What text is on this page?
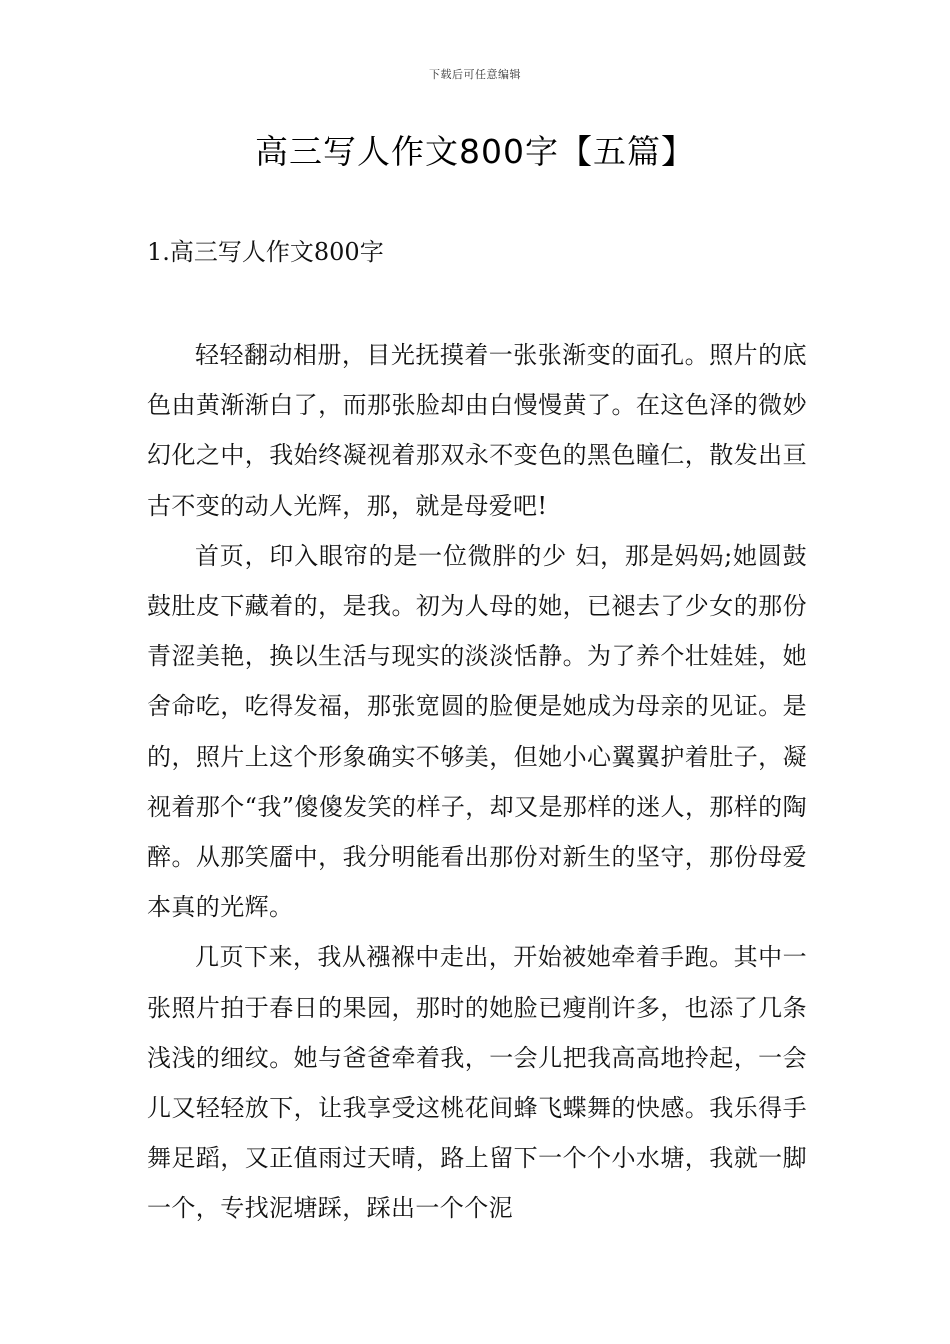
下载后可任意编辑
高三写人作文800字【五篇】
1.高三写人作文800字

轻轻翻动相册，目光抚摸着一张张渐变的面孔。照片的底色由黄渐渐白了，而那张脸却由白慢慢黄了。在这色泽的微妙幻化之中，我始终凝视着那双永不变色的黑色瞳仁，散发出亘古不变的动人光辉，那，就是母爱吧!

首页，印入眼帘的是一位微胖的少 妇，那是妈妈;她圆鼓鼓肚皮下藏着的，是我。初为人母的她，已褪去了少女的那份青涩美艳，换以生活与现实的淡淡恬静。为了养个壮娃娃，她舍命吃，吃得发福，那张宽圆的脸便是她成为母亲的见证。是的，照片上这个形象确实不够美，但她小心翼翼护着肚子，凝视着那个“我”傻傻发笑的样子，却又是那样的迷人，那样的陶醉。从那笑靥中，我分明能看出那份对新生的坚守，那份母爱本真的光辉。

几页下来，我从襁褓中走出，开始被她牵着手跑。其中一张照片拍于春日的果园，那时的她脸已瘦削许多，也添了几条浅浅的细纹。她与爸爸牵着我，一会儿把我高高地拎起，一会儿又轻轻放下，让我享受这桃花间蜂飞蝶舞的快感。我乐得手舞足蹈，又正值雨过天晴，路上留下一个个小水塘，我就一脚一个，专找泥塘踩，踩出一个个泥
